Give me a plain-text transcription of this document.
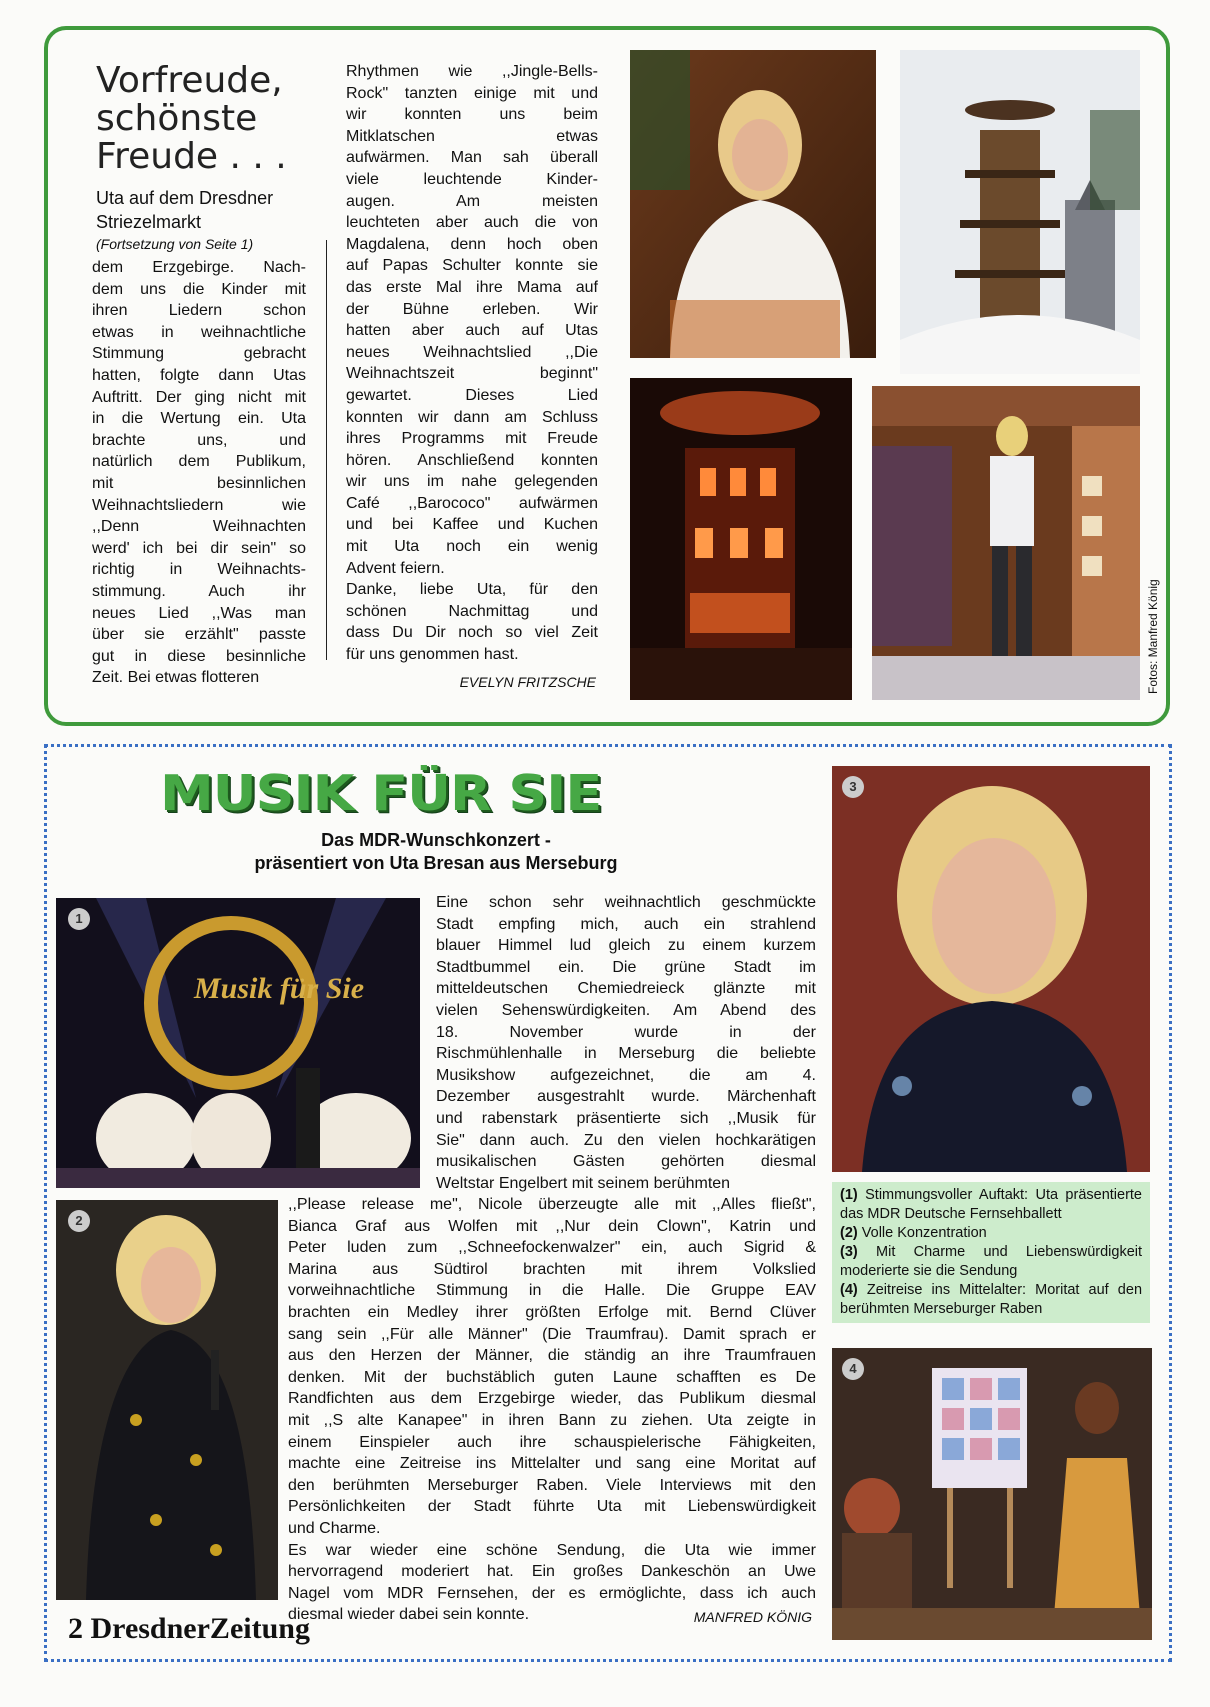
Vorfreude,
schönste
Freude . . .
Uta auf dem Dresdner
Striezelmarkt
(Fortsetzung von Seite 1)
dem Erzgebirge. Nach-
dem uns die Kinder mit
ihren Liedern schon
etwas in weihnachtliche
Stimmung gebracht
hatten, folgte dann Utas
Auftritt. Der ging nicht mit
in die Wertung ein. Uta
brachte uns, und
natürlich dem Publikum,
mit besinnlichen
Weihnachtsliedern wie
,,Denn Weihnachten
werd' ich bei dir sein" so
richtig in Weihnachts-
stimmung. Auch ihr
neues Lied ,,Was man
über sie erzählt" passte
gut in diese besinnliche
Zeit. Bei etwas flotteren
Rhythmen wie ,,Jingle-Bells-
Rock" tanzten einige mit und
wir konnten uns beim
Mitklatschen etwas
aufwärmen. Man sah überall
viele leuchtende Kinder-
augen. Am meisten
leuchteten aber auch die von
Magdalena, denn hoch oben
auf Papas Schulter konnte sie
das erste Mal ihre Mama auf
der Bühne erleben. Wir
hatten aber auch auf Utas
neues Weihnachtslied ,,Die
Weihnachtszeit beginnt"
gewartet. Dieses Lied
konnten wir dann am Schluss
ihres Programms mit Freude
hören. Anschließend konnten
wir uns im nahe gelegenden
Café ,,Barococo" aufwärmen
und bei Kaffee und Kuchen
mit Uta noch ein wenig
Advent feiern.
Danke, liebe Uta, für den
schönen Nachmittag und
dass Du Dir noch so viel Zeit
für uns genommen hast.
EVELYN FRITZSCHE	Fotos: Manfred König
MUSIK FÜR SIE
Das MDR-Wunschkonzert -
präsentiert von Uta Bresan aus Merseburg
Musik für Sie
1
2
3
(1) Stimmungsvoller Auftakt: Uta präsentierte das MDR Deutsche Fernsehballett
(2) Volle Konzentration
(3) Mit Charme und Liebenswürdigkeit moderierte sie die Sendung
(4) Zeitreise ins Mittelalter: Moritat auf den berühmten Merseburger Raben
4
Eine schon sehr weihnachtlich geschmückte
Stadt empfing mich, auch ein strahlend
blauer Himmel lud gleich zu einem kurzem
Stadtbummel ein. Die grüne Stadt im
mitteldeutschen Chemiedreieck glänzte mit
vielen Sehenswürdigkeiten. Am Abend des
18. November wurde in der
Rischmühlenhalle in Merseburg die beliebte
Musikshow aufgezeichnet, die am 4.
Dezember ausgestrahlt wurde. Märchenhaft
und rabenstark präsentierte sich ,,Musik für
Sie" dann auch. Zu den vielen hochkarätigen
musikalischen Gästen gehörten diesmal
Weltstar Engelbert mit seinem berühmten
,,Please release me", Nicole überzeugte alle mit ,,Alles fließt",
Bianca Graf aus Wolfen mit ,,Nur dein Clown", Katrin und
Peter luden zum ,,Schneefockenwalzer" ein, auch Sigrid &
Marina aus Südtirol brachten mit ihrem Volkslied
vorweihnachtliche Stimmung in die Halle. Die Gruppe EAV
brachten ein Medley ihrer größten Erfolge mit. Bernd Clüver
sang sein ,,Für alle Männer" (Die Traumfrau). Damit sprach er
aus den Herzen der Männer, die ständig an ihre Traumfrauen
denken. Mit der buchstäblich guten Laune schafften es De
Randfichten aus dem Erzgebirge wieder, das Publikum diesmal
mit ,,S alte Kanapee" in ihren Bann zu ziehen. Uta zeigte in
einem Einspieler auch ihre schauspielerische Fähigkeiten,
machte eine Zeitreise ins Mittelalter und sang eine Moritat auf
den berühmten Merseburger Raben. Viele Interviews mit den
Persönlichkeiten der Stadt führte Uta mit Liebenswürdigkeit
und Charme.
Es war wieder eine schöne Sendung, die Uta wie immer
hervorragend moderiert hat. Ein großes Dankeschön an Uwe
Nagel vom MDR Fernsehen, der es ermöglichte, dass ich auch
diesmal wieder dabei sein konnte.	MANFRED KÖNIG
2 DresdnerZeitung
